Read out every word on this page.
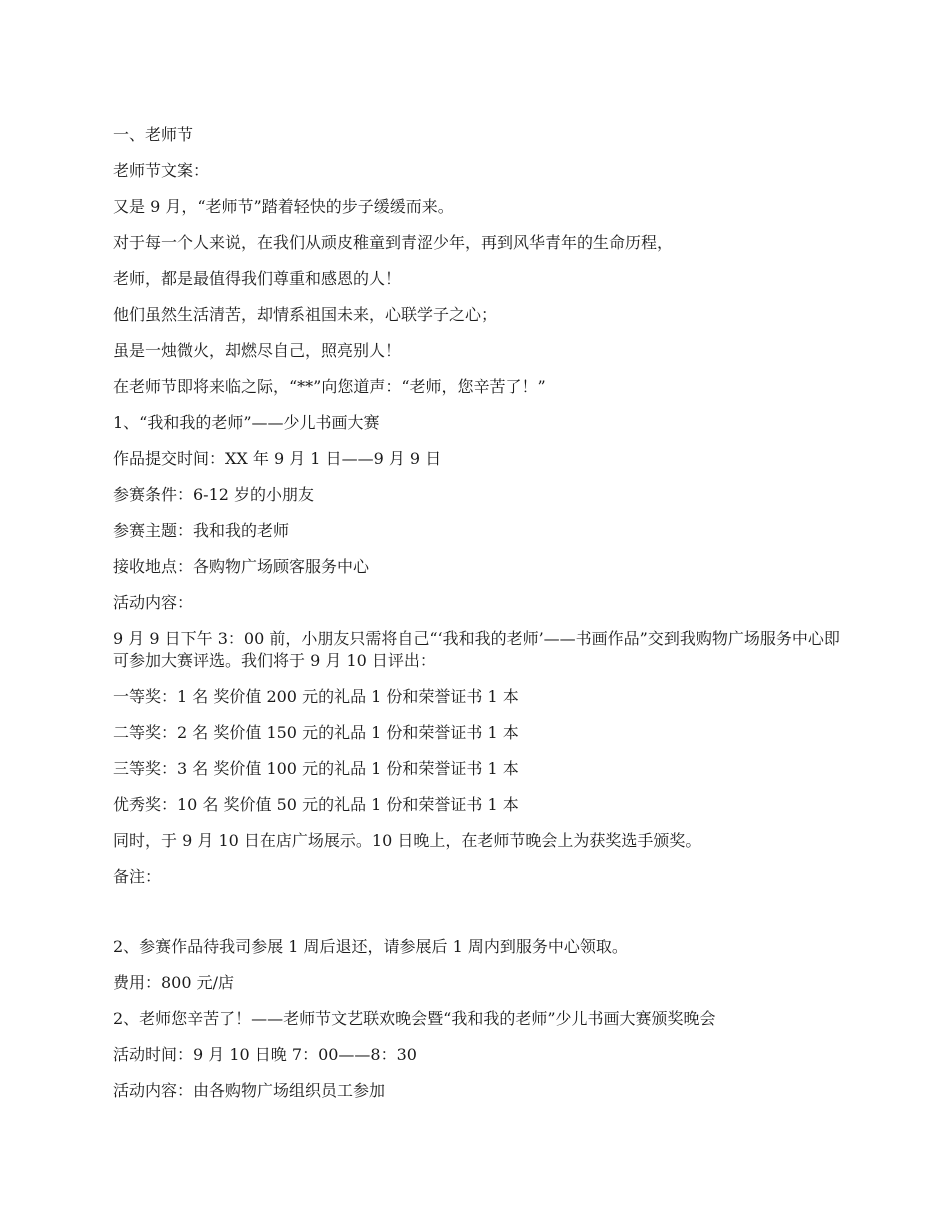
一、老师节

老师节文案：

又是 9 月，“老师节”踏着轻快的步子缓缓而来。

对于每一个人来说，在我们从顽皮稚童到青涩少年，再到风华青年的生命历程，

老师，都是最值得我们尊重和感恩的人！

他们虽然生活清苦，却情系祖国未来，心联学子之心；

虽是一烛微火，却燃尽自己，照亮别人！

在老师节即将来临之际，“**”向您道声：“老师，您辛苦了！”

1、“我和我的老师”——少儿书画大赛

作品提交时间：XX 年 9 月 1 日——9 月 9 日

参赛条件：6-12 岁的小朋友

参赛主题：我和我的老师

接收地点：各购物广场顾客服务中心

活动内容：

9 月 9 日下午 3：00 前，小朋友只需将自己“‘我和我的老师’——书画作品”交到我购物广场服务中心即可参加大赛评选。我们将于 9 月 10 日评出：

一等奖：1 名 奖价值 200 元的礼品 1 份和荣誉证书 1 本

二等奖：2 名 奖价值 150 元的礼品 1 份和荣誉证书 1 本

三等奖：3 名 奖价值 100 元的礼品 1 份和荣誉证书 1 本

优秀奖：10 名 奖价值 50 元的礼品 1 份和荣誉证书 1 本

同时，于 9 月 10 日在店广场展示。10 日晚上，在老师节晚会上为获奖选手颁奖。

备注：

2、参赛作品待我司参展 1 周后退还，请参展后 1 周内到服务中心领取。

费用：800 元/店

2、老师您辛苦了！——老师节文艺联欢晚会暨“我和我的老师”少儿书画大赛颁奖晚会

活动时间：9 月 10 日晚 7：00——8：30

活动内容：由各购物广场组织员工参加
